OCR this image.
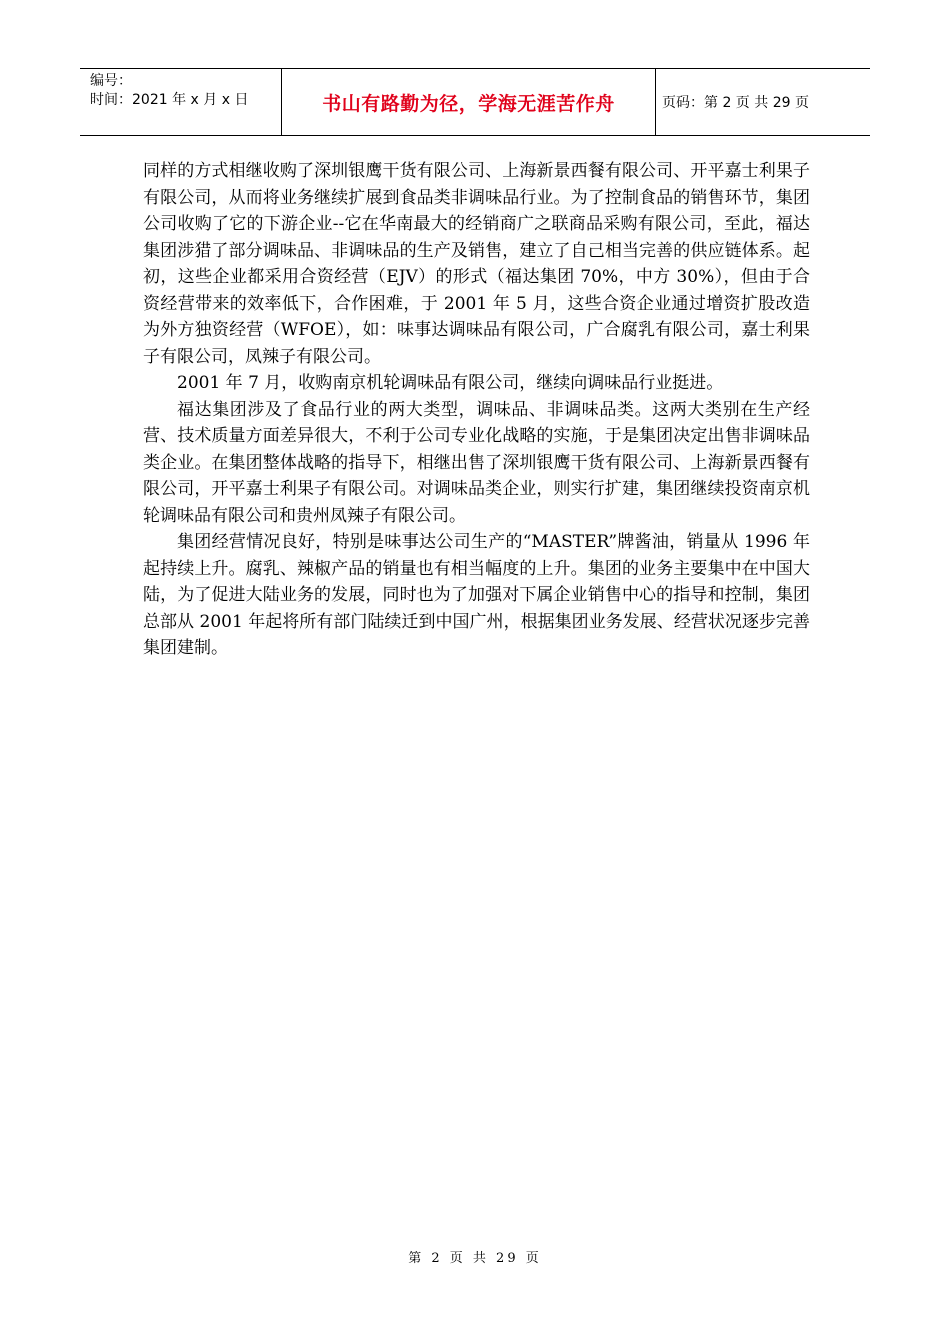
编号：
时间：2021 年 x 月 x 日	书山有路勤为径，学海无涯苦作舟	页码：第 2 页 共 29 页

同样的方式相继收购了深圳银鹰干货有限公司、上海新景西餐有限公司、开平嘉士利果子有限公司，从而将业务继续扩展到食品类非调味品行业。为了控制食品的销售环节，集团公司收购了它的下游企业--它在华南最大的经销商广之联商品采购有限公司，至此，福达集团涉猎了部分调味品、非调味品的生产及销售，建立了自己相当完善的供应链体系。起初，这些企业都采用合资经营（EJV）的形式（福达集团 70%，中方 30%），但由于合资经营带来的效率低下，合作困难，于 2001 年 5 月，这些合资企业通过增资扩股改造为外方独资经营（WFOE），如：味事达调味品有限公司，广合腐乳有限公司，嘉士利果子有限公司，凤辣子有限公司。

2001 年 7 月，收购南京机轮调味品有限公司，继续向调味品行业挺进。

福达集团涉及了食品行业的两大类型，调味品、非调味品类。这两大类别在生产经营、技术质量方面差异很大，不利于公司专业化战略的实施，于是集团决定出售非调味品类企业。在集团整体战略的指导下，相继出售了深圳银鹰干货有限公司、上海新景西餐有限公司，开平嘉士利果子有限公司。对调味品类企业，则实行扩建，集团继续投资南京机轮调味品有限公司和贵州凤辣子有限公司。

集团经营情况良好，特别是味事达公司生产的“MASTER”牌酱油，销量从 1996 年起持续上升。腐乳、辣椒产品的销量也有相当幅度的上升。集团的业务主要集中在中国大陆，为了促进大陆业务的发展，同时也为了加强对下属企业销售中心的指导和控制，集团总部从 2001 年起将所有部门陆续迁到中国广州，根据集团业务发展、经营状况逐步完善集团建制。

第 2 页 共 29 页
